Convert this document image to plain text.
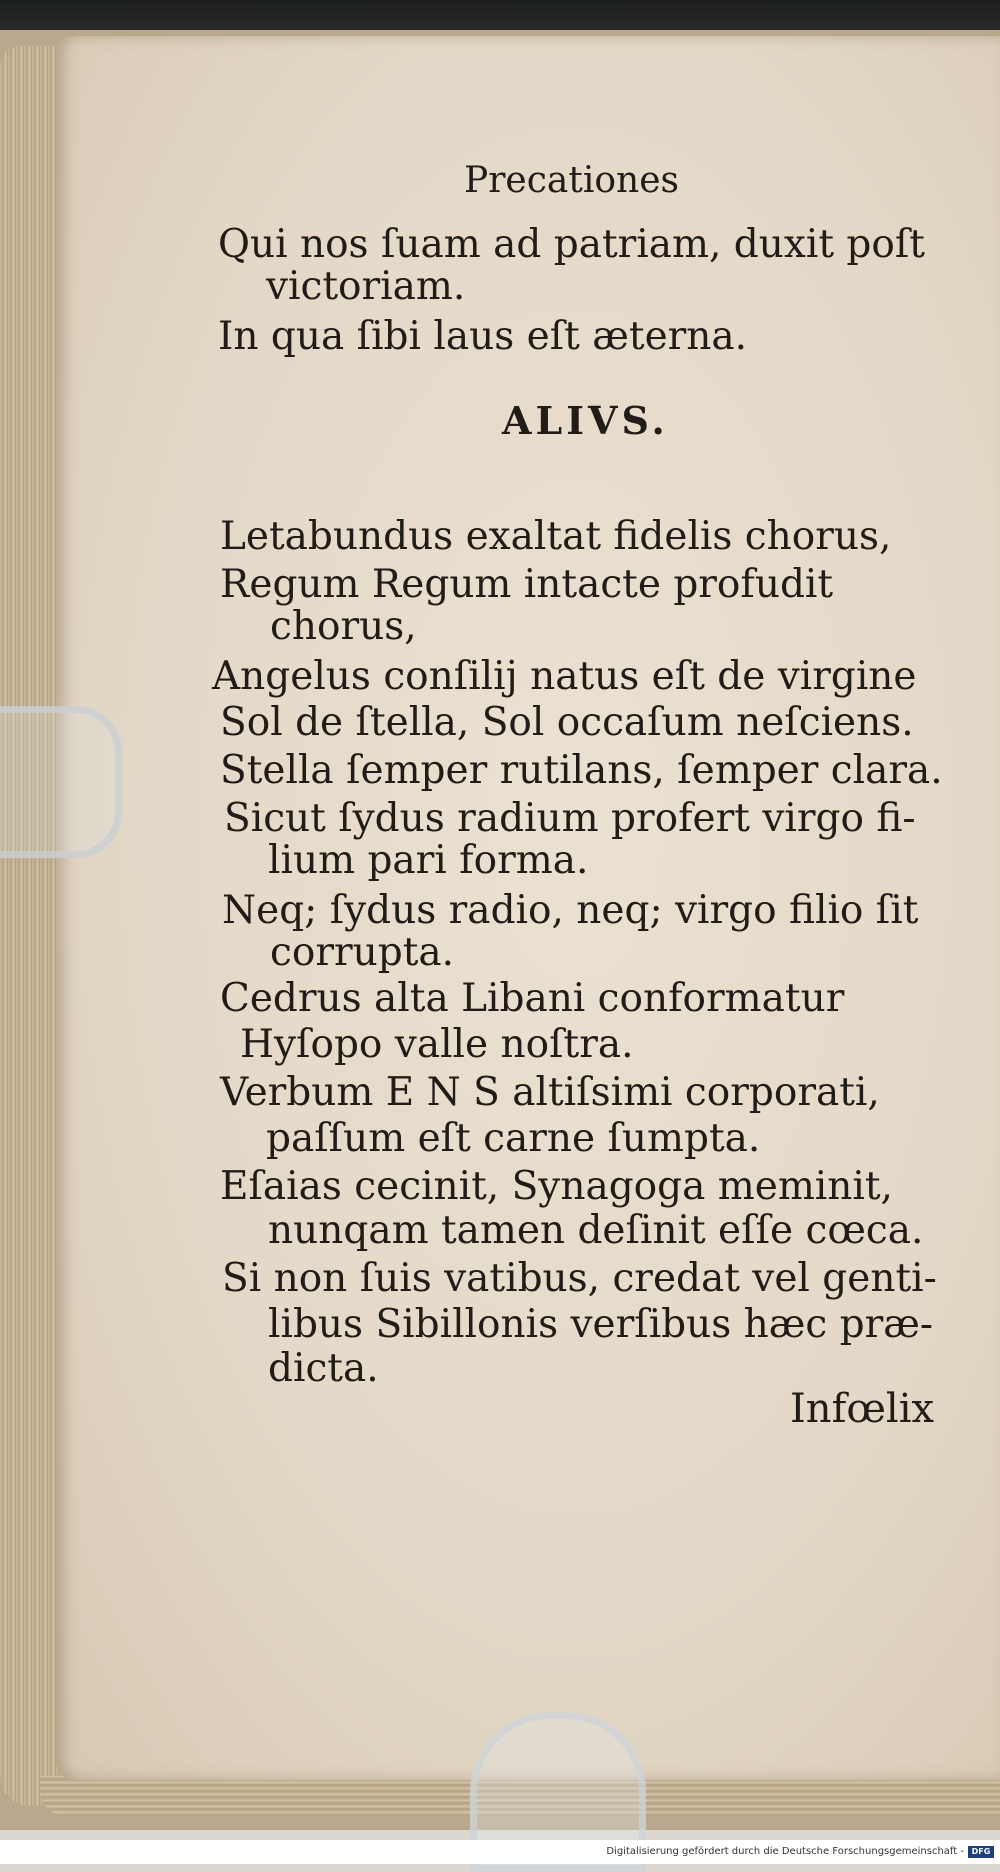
Precationes
Qui nos ſuam ad patriam, duxit poſt
victoriam.
In qua ſibi laus eſt æterna.
ALIVS.
Letabundus exaltat fidelis chorus,
Regum Regum intacte profudit
chorus,
Angelus conſilij natus eſt de virgine
Sol de ſtella, Sol occaſum neſciens.
Stella ſemper rutilans, ſemper clara.
Sicut ſydus radium profert virgo fi-
lium pari forma.
Neq; ſydus radio, neq; virgo filio ſit
corrupta.
Cedrus alta Libani conformatur
Hyſopo valle noſtra.
Verbum E N S altiſsimi corporati,
paſſum eſt carne ſumpta.
Eſaias cecinit, Synagoga meminit,
nunqam tamen deſinit eſſe cœca.
Si non ſuis vatibus, credat vel genti-
libus Sibillonis verſibus hæc præ-
dicta.
Infœlix
Digitalisierung gefördert durch die Deutsche Forschungsgemeinschaft - DFG
